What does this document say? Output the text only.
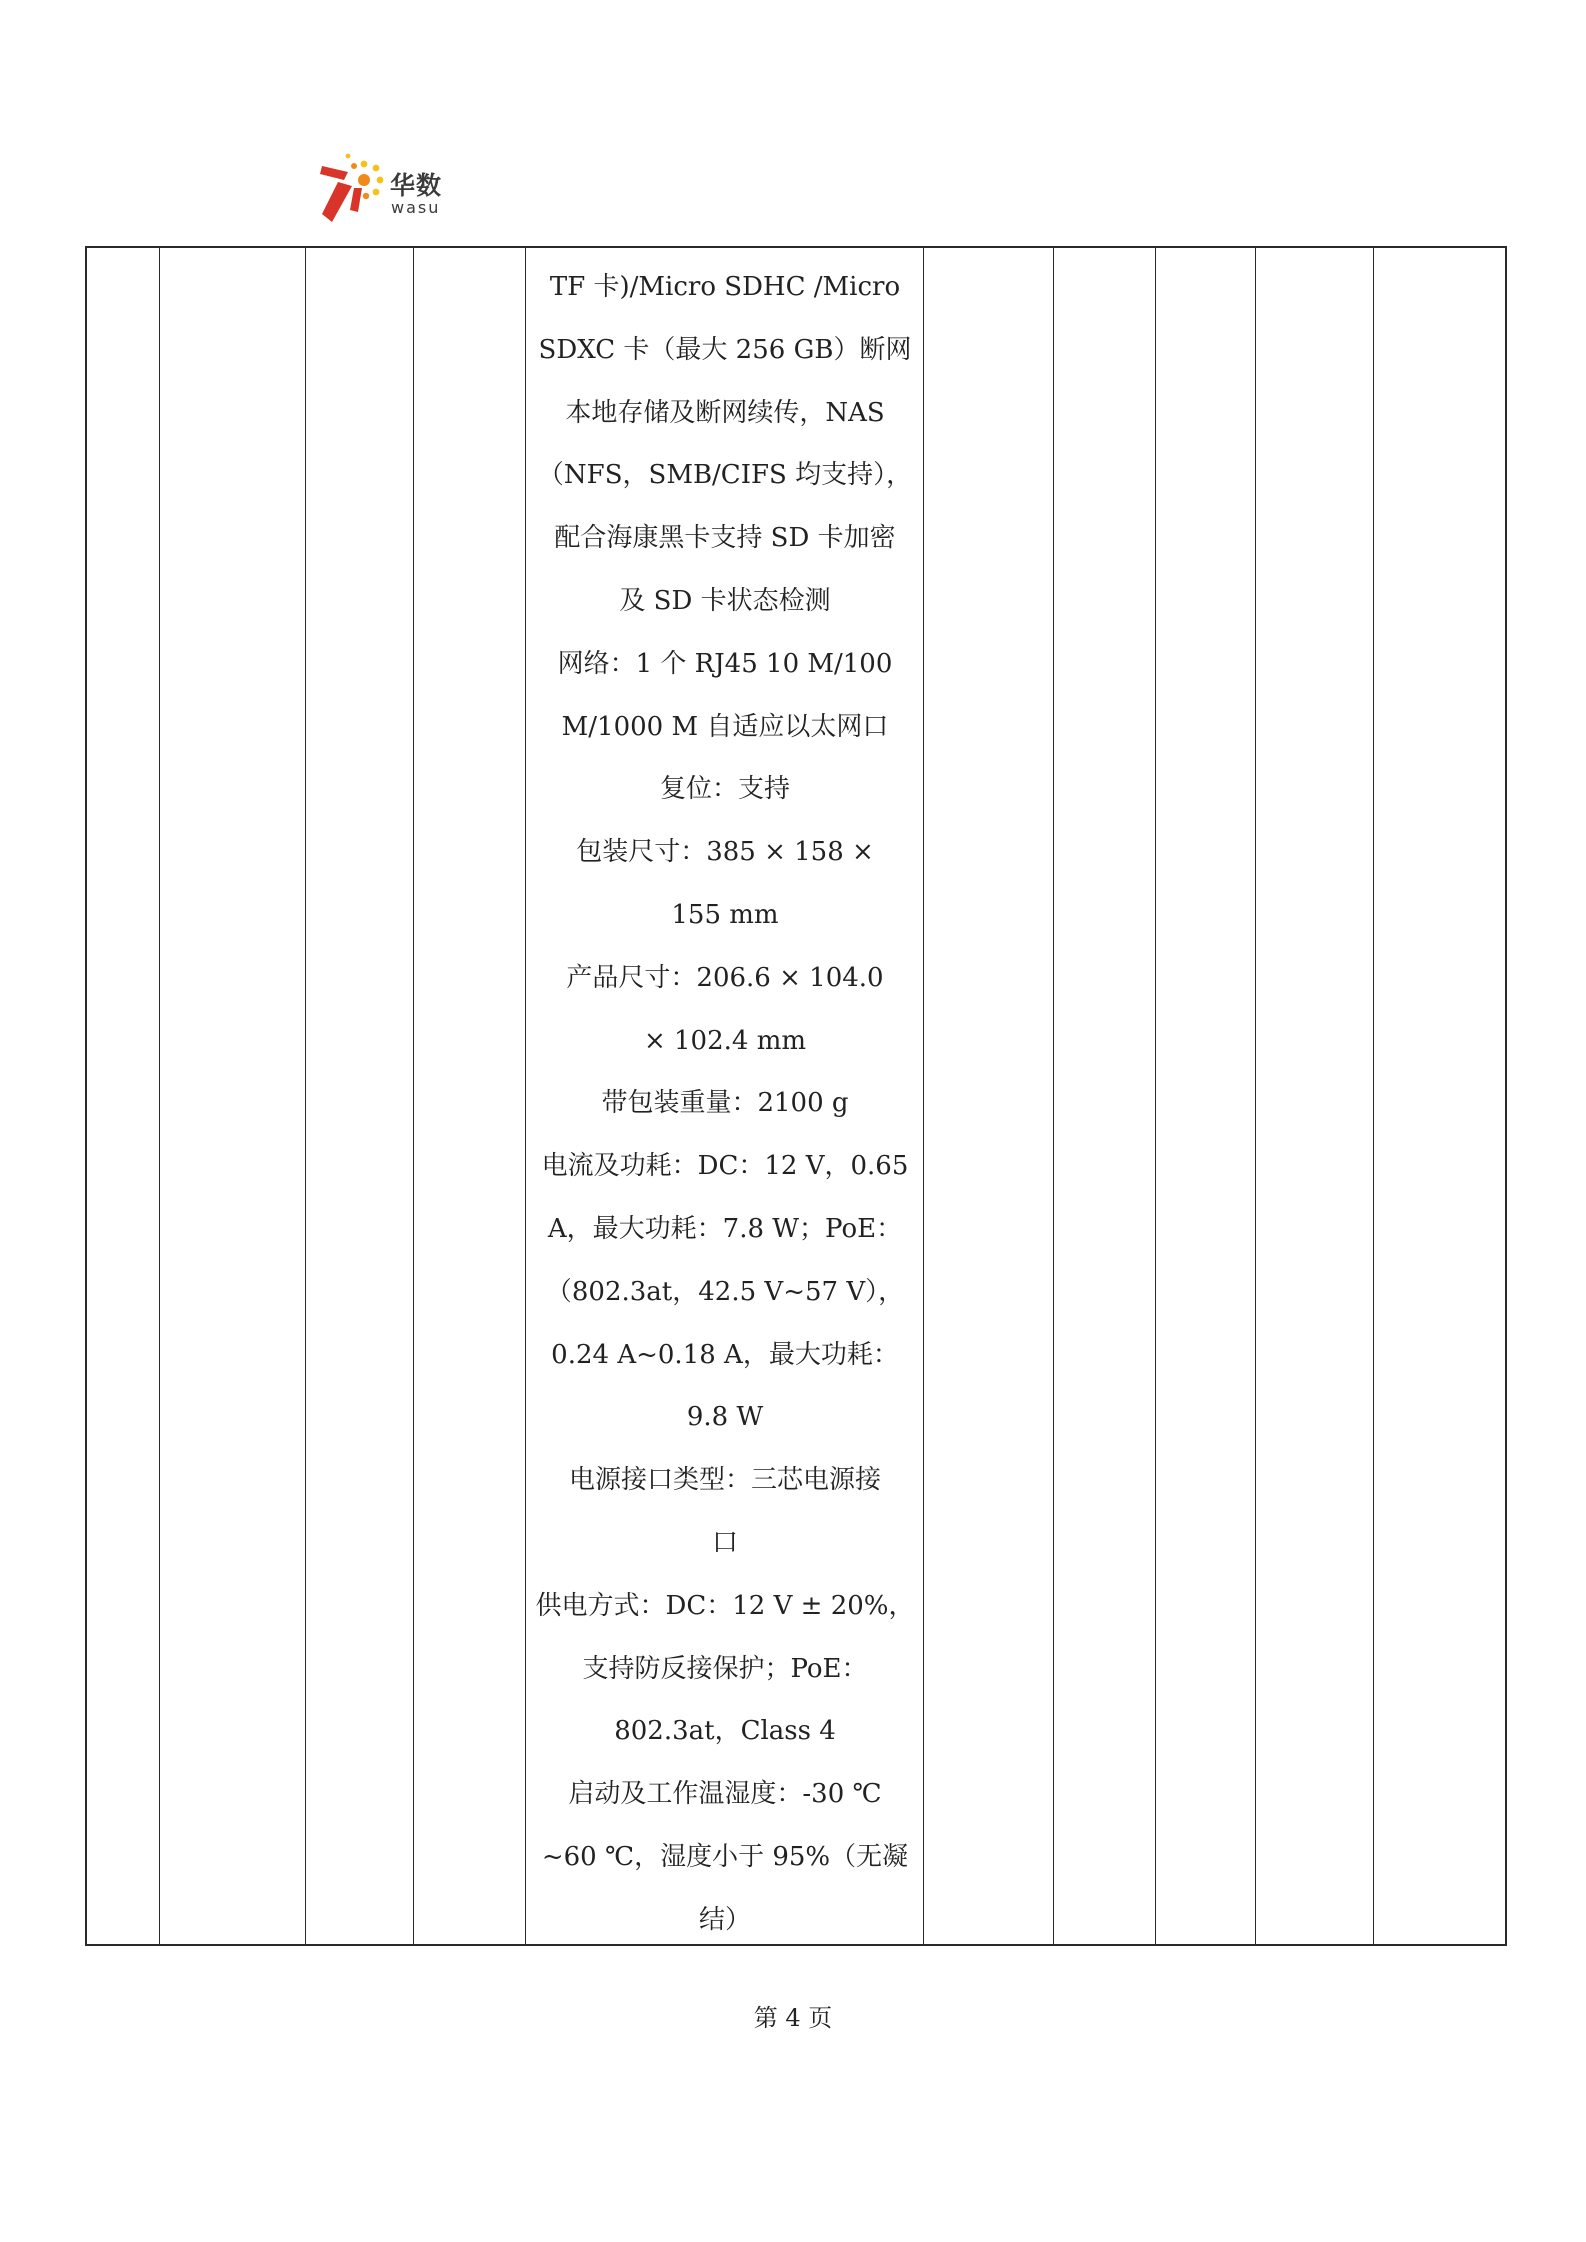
华数
wasu
TF 卡)/Micro SDHC /Micro
SDXC 卡（最大 256 GB）断网
本地存储及断网续传，NAS
（NFS，SMB/CIFS 均支持），
配合海康黑卡支持 SD 卡加密
及 SD 卡状态检测
网络：1 个 RJ45 10 M/100
M/1000 M 自适应以太网口
复位：支持
包装尺寸：385 × 158 ×
155 mm
产品尺寸：206.6 × 104.0
× 102.4 mm
带包装重量：2100 g
电流及功耗：DC：12 V，0.65
A，最大功耗：7.8 W；PoE：
（802.3at，42.5 V~57 V），
0.24 A~0.18 A，最大功耗：
9.8 W
电源接口类型：三芯电源接
口
供电方式：DC：12 V ± 20%，
支持防反接保护；PoE：
802.3at，Class 4
启动及工作温湿度：-30 ℃
~60 ℃，湿度小于 95%（无凝
结）
第 4 页
